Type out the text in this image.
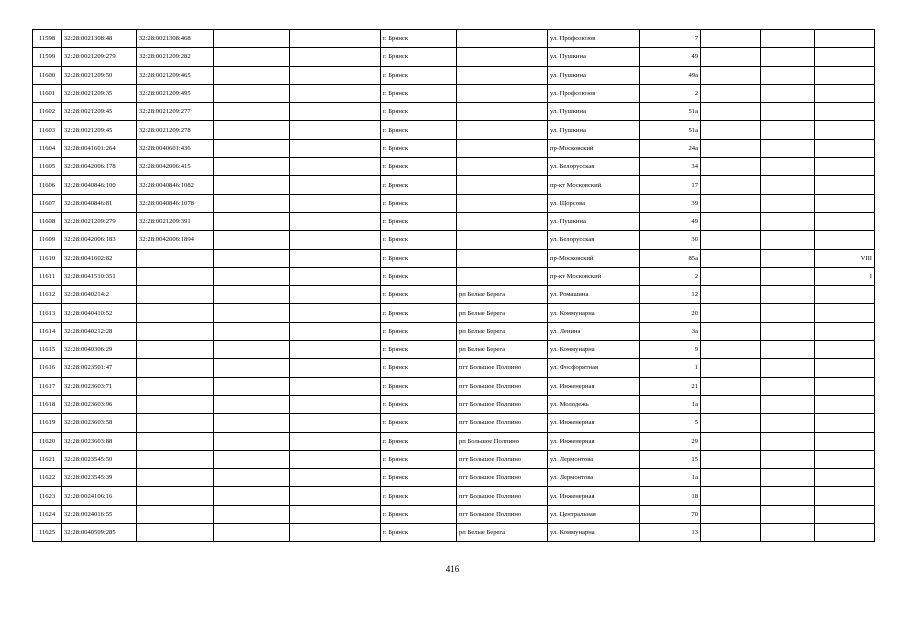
11598	32:28:0021308:48	32:28:0021308:468			г. Брянск		ул. Профсоюзов	7			
11599	32:28:0021209:279	32:28:0021209:282			г. Брянск		ул. Пушкина	49			
11600	32:28:0021209:50	32:28:0021209:465			г. Брянск		ул. Пушкина	49а			
11601	32:28:0021209:35	32:28:0021209:495			г. Брянск		ул. Профсоюзов	2			
11602	32:28:0021209:45	32:28:0021209:277			г. Брянск		ул. Пушкина	51а			
11603	32:28:0021209:45	32:28:0021209:278			г. Брянск		ул. Пушкина	51а			
11604	32:28:0041601:264	32:28:0040601:436			г. Брянск		пр-Московский	24а			
11605	32:28:0042006:178	32:28:0042006:415			г. Брянск		ул. Белорусская	34			
11606	32:28:0040846:100	32:28:0040846:1082			г. Брянск		пр-кт Московский	17			
11607	32:28:0040846:81	32:28:0040846:1078			г. Брянск		ул. Щорсова	39			
11608	32:28:0021209:279	32:28:0021209:391			г. Брянск		ул. Пушкина	49			
11609	32:28:0042006:183	32:28:0042006:1894			г. Брянск		ул. Белорусская	30			
11610	32:28:0041602:82				г. Брянск		пр-Московский	85а			VIII
11611	32:28:0041510:351				г. Брянск		пр-кт Московский	2			I
11612	32:28:0040214:2				г. Брянск	рп Белые Берега	ул. Ромашина	12			
11613	32:28:0040410:52				г. Брянск	рп Белые Берега	ул. Коммунарна	20			
11614	32:28:0040212:28				г. Брянск	рп Белые Берега	ул. Ленина	3а			
11615	32:28:0040306:29				г. Брянск	рп Белые Берега	ул. Коммунарна	9			
11616	32:28:0023501:47				г. Брянск	пгт Большое Полпино	ул. Фосфоритная	1			
11617	32:28:0023603:71				г. Брянск	пгт Большое Полпино	ул. Инженерная	21			
11618	32:28:0023603:96				г. Брянск	пгт Большое Полпино	ул. Молодежь	1а			
11619	32:28:0023603:58				г. Брянск	пгт Большое Полпино	ул. Инженерная	5			
11620	32:28:0023603:88				г. Брянск	рп Большое Полпино	ул. Инженерная	29			
11621	32:28:0023545:50				г. Брянск	пгт Большое Полпино	ул. Лермонтова	15			
11622	32:28:0023545:39				г. Брянск	пгт Большое Полпино	ул. Лермонтова	1а			
11623	32:28:0024106:16				г. Брянск	пгт Большое Полпино	ул. Инженерная	18			
11624	32:28:0024016:55				г. Брянск	пгт Большое Полпино	ул. Центральная	70			
11625	32:28:0040509:285				г. Брянск	рп Белые Берега	ул. Коммунарна	13			
416
